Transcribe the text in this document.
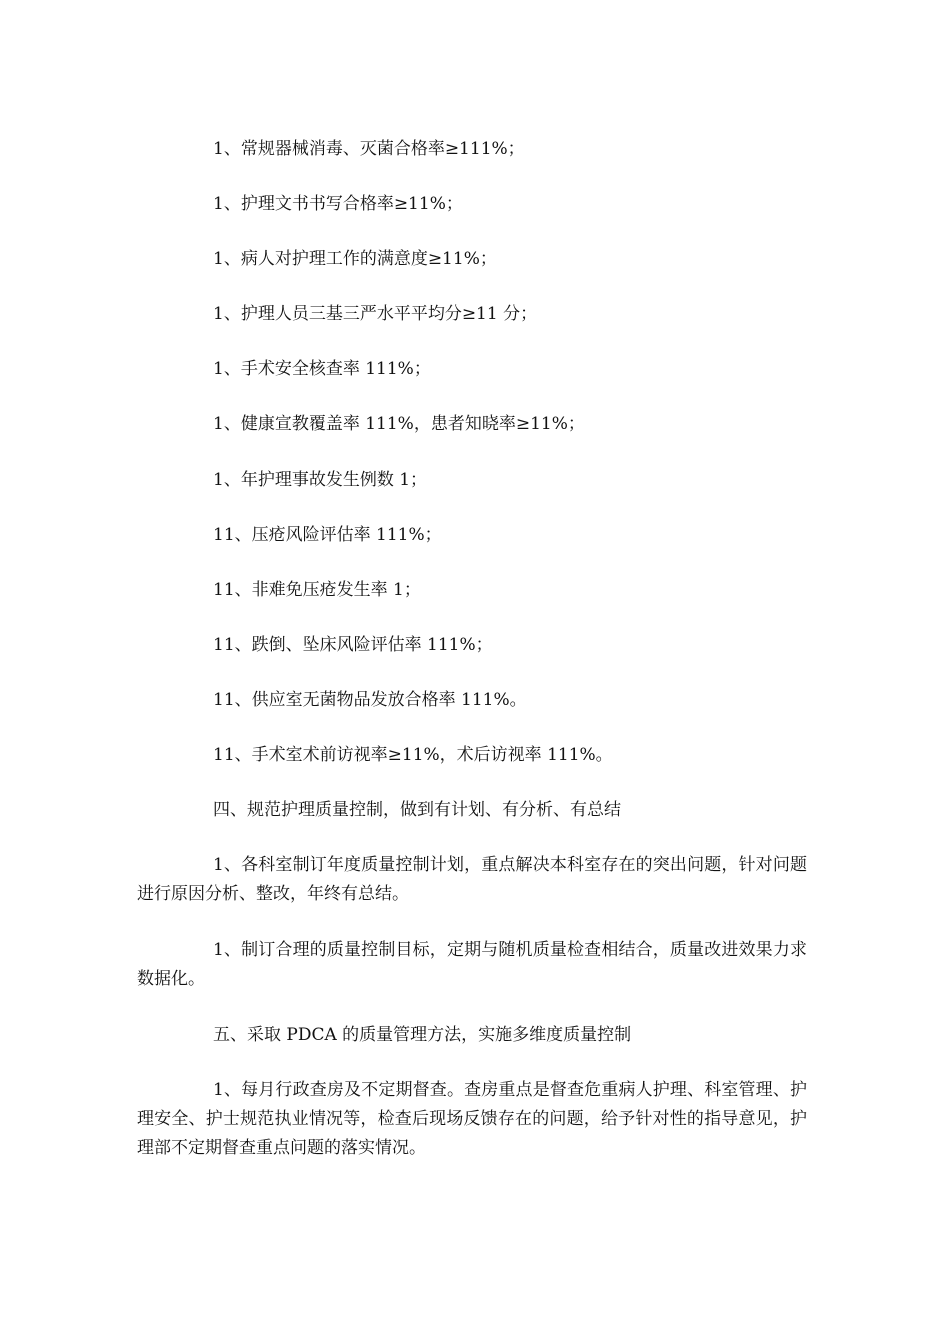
1、常规器械消毒、灭菌合格率≥111%；

1、护理文书书写合格率≥11%；

1、病人对护理工作的满意度≥11%；

1、护理人员三基三严水平平均分≥11 分；

1、手术安全核查率 111%；

1、健康宣教覆盖率 111%，患者知晓率≥11%；

1、年护理事故发生例数 1；

11、压疮风险评估率 111%；

11、非难免压疮发生率 1；

11、跌倒、坠床风险评估率 111%；

11、供应室无菌物品发放合格率 111%。

11、手术室术前访视率≥11%，术后访视率 111%。

四、规范护理质量控制，做到有计划、有分析、有总结

1、各科室制订年度质量控制计划，重点解决本科室存在的突出问题，针对问题进行原因分析、整改，年终有总结。

1、制订合理的质量控制目标，定期与随机质量检查相结合，质量改进效果力求数据化。

五、采取 PDCA 的质量管理方法，实施多维度质量控制

1、每月行政查房及不定期督查。查房重点是督查危重病人护理、科室管理、护理安全、护士规范执业情况等，检查后现场反馈存在的问题，给予针对性的指导意见，护理部不定期督查重点问题的落实情况。
